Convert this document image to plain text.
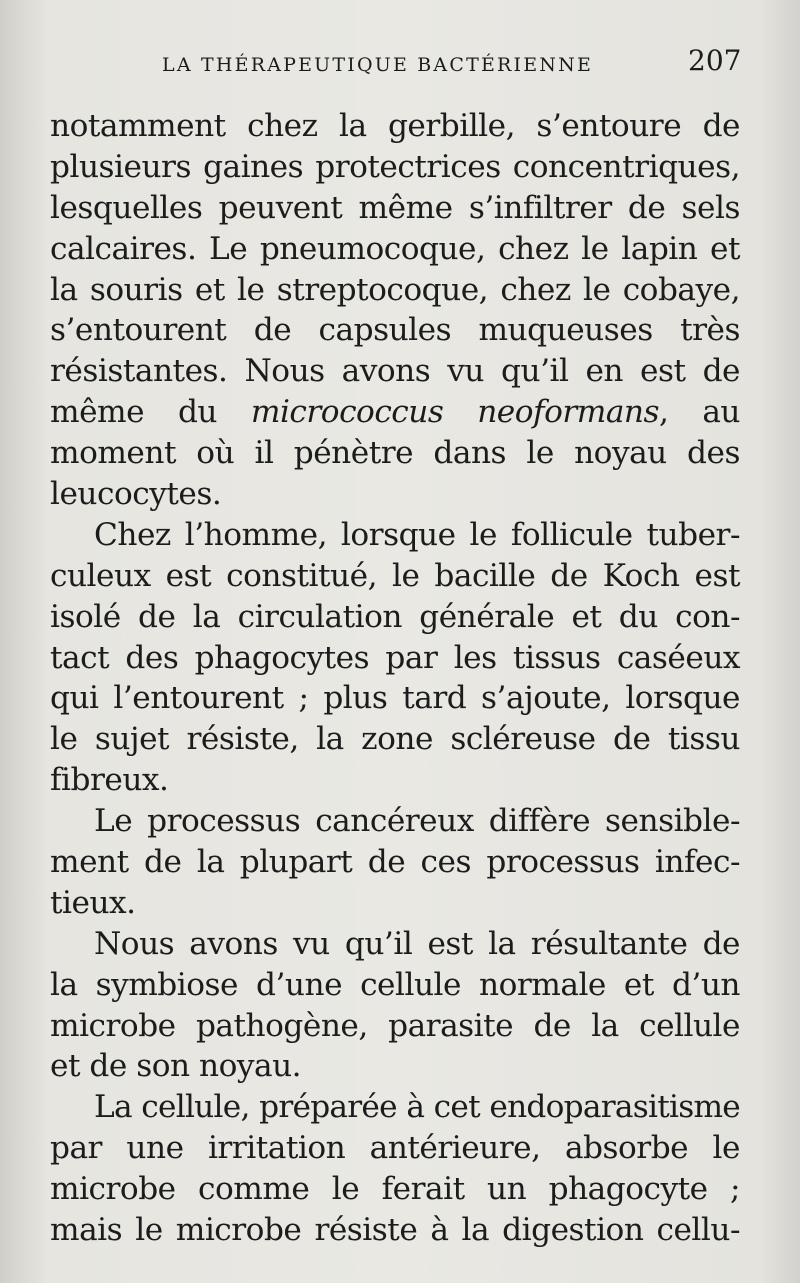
LA THÉRAPEUTIQUE BACTÉRIENNE	207
notamment chez la gerbille, s’entoure de
plusieurs gaines protectrices concentriques,
lesquelles peuvent même s’infiltrer de sels
calcaires. Le pneumocoque, chez le lapin et
la souris et le streptocoque, chez le cobaye,
s’entourent de capsules muqueuses très
résistantes. Nous avons vu qu’il en est de
même du micrococcus neoformans, au
moment où il pénètre dans le noyau des
leucocytes.
Chez l’homme, lorsque le follicule tuber-
culeux est constitué, le bacille de Koch est
isolé de la circulation générale et du con-
tact des phagocytes par les tissus caséeux
qui l’entourent ; plus tard s’ajoute, lorsque
le sujet résiste, la zone scléreuse de tissu
fibreux.
Le processus cancéreux diffère sensible-
ment de la plupart de ces processus infec-
tieux.
Nous avons vu qu’il est la résultante de
la symbiose d’une cellule normale et d’un
microbe pathogène, parasite de la cellule
et de son noyau.
La cellule, préparée à cet endoparasitisme
par une irritation antérieure, absorbe le
microbe comme le ferait un phagocyte ;
mais le microbe résiste à la digestion cellu-
